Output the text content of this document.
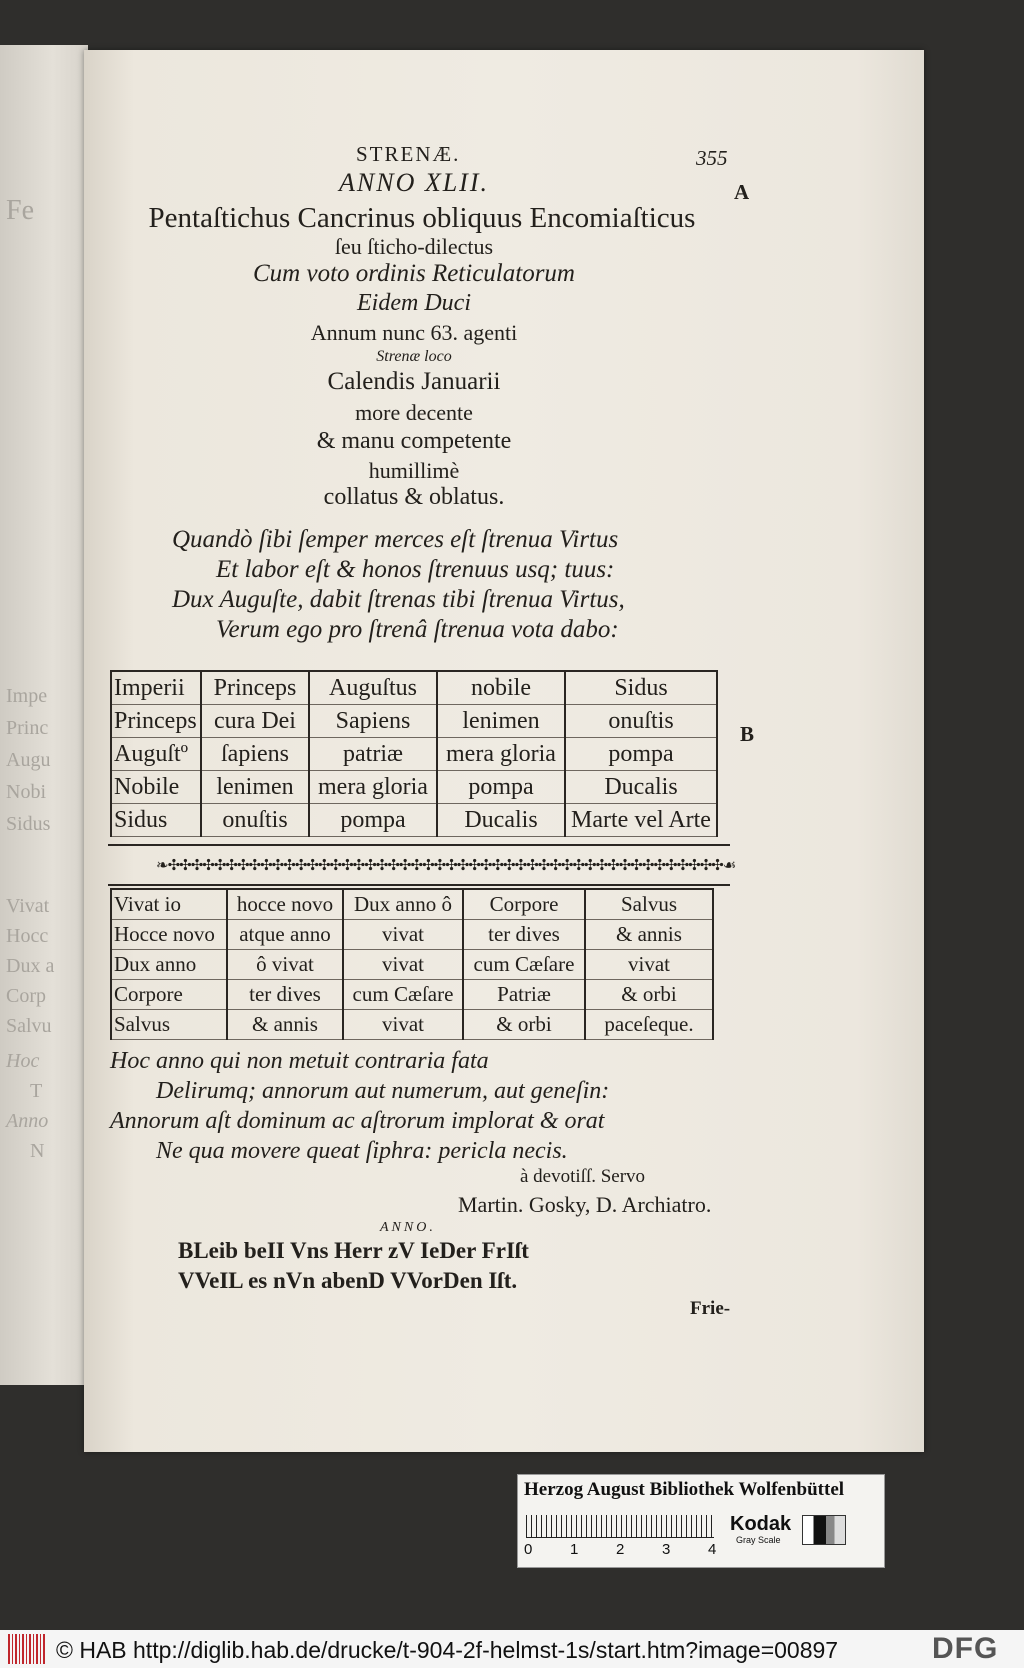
Fe
Impe
Princ
Augu
Nobi
Sidus
Vivat
Hocc
Dux a
Corp
Salvu
Hoc
T
Anno
N
STRENÆ.	355
A
B
ANNO XLII.
Pentaſtichus Cancrinus obliquus Encomiaſticus
ſeu ſticho-dilectus
Cum voto ordinis Reticulatorum
Eidem Duci
Annum nunc 63. agenti
Strenæ loco
Calendis Januarii
more decente
& manu competente
humillimè
collatus & oblatus.
Quandò ſibi ſemper merces eſt ſtrenua Virtus
Et labor eſt & honos ſtrenuus usq; tuus:
Dux Auguſte, dabit ſtrenas tibi ſtrenua Virtus,
Verum ego pro ſtrenâ ſtrenua vota dabo:
Imperii	Princeps	Auguſtus	nobile	Sidus
Princeps	cura Dei	Sapiens	lenimen	onuſtis
Auguſtº	ſapiens	patriæ	mera gloria	pompa
Nobile	lenimen	mera gloria	pompa	Ducalis
Sidus	onuſtis	pompa	Ducalis	Marte vel Arte
❧✣✣✣✣✣✣✣✣✣✣✣✣✣✣✣✣✣✣✣✣✣✣✣✣✣✣✣✣✣✣✣✣✣✣✣✣✣✣✣✣✣✣✣✣✣✣✣✣☙
Vivat io	hocce novo	Dux anno ô	Corpore	Salvus
Hocce novo	atque anno	vivat	ter dives	& annis
Dux anno	ô vivat	vivat	cum Cæſare	vivat
Corpore	ter dives	cum Cæſare	Patriæ	& orbi
Salvus	& annis	vivat	& orbi	paceſeque.
Hoc anno qui non metuit contraria fata
Delirumq; annorum aut numerum, aut geneſin:
Annorum aſt dominum ac aſtrorum implorat & orat
Ne qua movere queat ſiphra: pericla necis.
à devotiſſ. Servo
Martin. Gosky, D. Archiatro.
ANNO.
BLeib beII Vns Herr zV IeDer FrIſt
VVeIL es nVn abenD VVorDen Iſt.
Frie-
Herzog August Bibliothek Wolfenbüttel
0	1	2	3	4
Kodak
Gray Scale
© HAB http://diglib.hab.de/drucke/t-904-2f-helmst-1s/start.htm?image=00897	DFG
